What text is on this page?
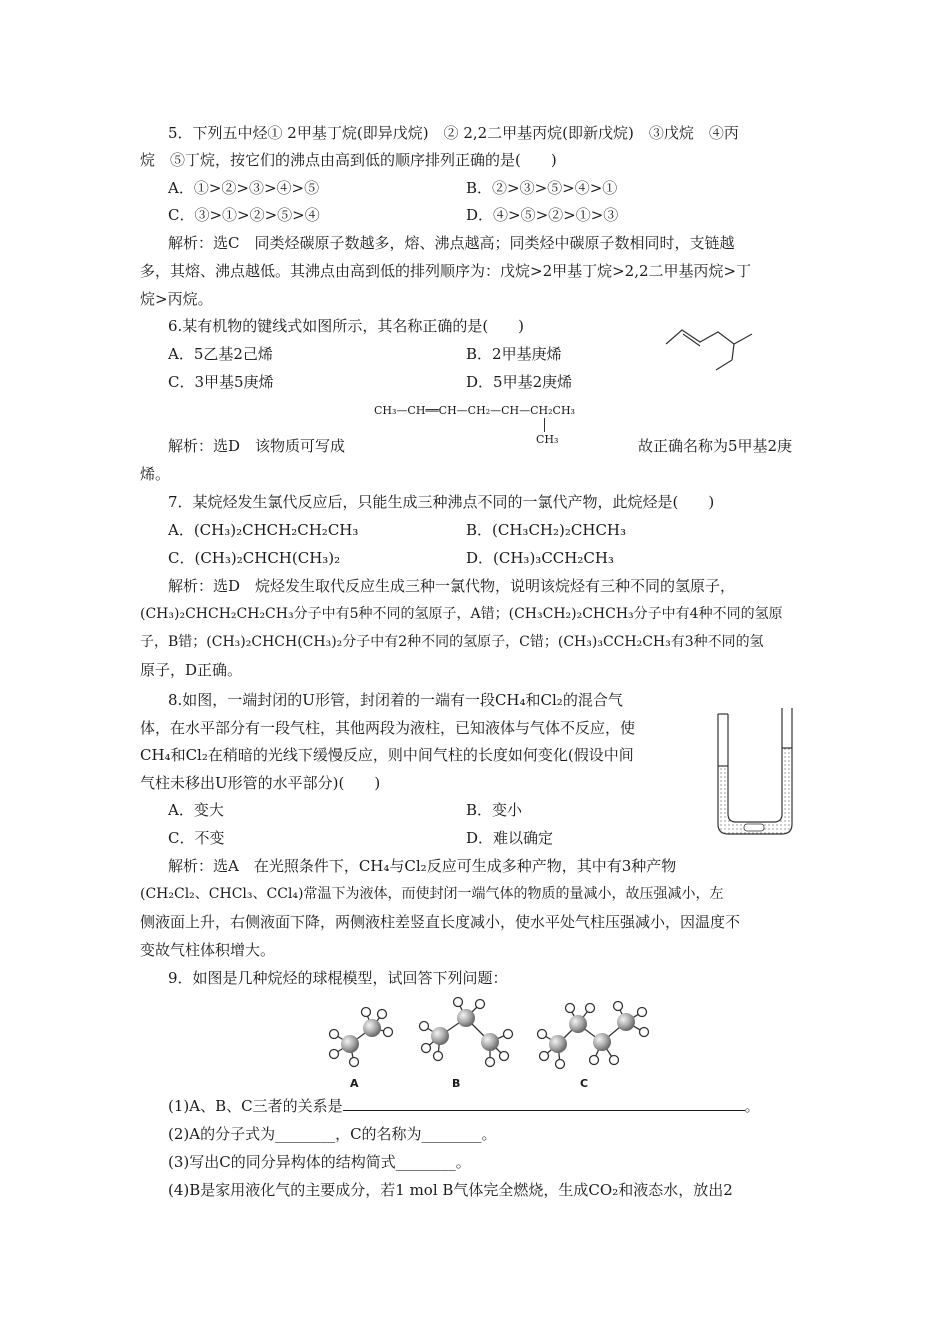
5．下列五中烃① 2甲基丁烷(即异戊烷)　② 2,2二甲基丙烷(即新戊烷)　③戊烷　④丙
烷　⑤丁烷，按它们的沸点由高到低的顺序排列正确的是(　　)
A．①>②>③>④>⑤	B．②>③>⑤>④>①
C．③>①>②>⑤>④	D．④>⑤>②>①>③
解析：选C　同类烃碳原子数越多，熔、沸点越高；同类烃中碳原子数相同时，支链越
多，其熔、沸点越低。其沸点由高到低的排列顺序为：戊烷>2甲基丁烷>2,2二甲基丙烷>丁
烷>丙烷。
6.某有机物的键线式如图所示，其名称正确的是(　　)
A．5乙基2己烯	B．2甲基庚烯
C．3甲基5庚烯	D．5甲基2庚烯
CH₃—CH══CH—CH₂—CH—CH₂CH₃
CH₃
解析：选D　该物质可写成	故正确名称为5甲基2庚
烯。
7．某烷烃发生氯代反应后，只能生成三种沸点不同的一氯代产物，此烷烃是(　　)
A．(CH₃)₂CHCH₂CH₂CH₃	B．(CH₃CH₂)₂CHCH₃
C．(CH₃)₂CHCH(CH₃)₂	D．(CH₃)₃CCH₂CH₃
解析：选D　烷烃发生取代反应生成三种一氯代物，说明该烷烃有三种不同的氢原子，
(CH₃)₂CHCH₂CH₂CH₃分子中有5种不同的氢原子，A错；(CH₃CH₂)₂CHCH₃分子中有4种不同的氢原
子，B错；(CH₃)₂CHCH(CH₃)₂分子中有2种不同的氢原子，C错；(CH₃)₃CCH₂CH₃有3种不同的氢
原子，D正确。
8.如图，一端封闭的U形管，封闭着的一端有一段CH₄和Cl₂的混合气
体，在水平部分有一段气柱，其他两段为液柱，已知液体与气体不反应，使
CH₄和Cl₂在稍暗的光线下缓慢反应，则中间气柱的长度如何变化(假设中间
气柱未移出U形管的水平部分)(　　)
A．变大	B．变小
C．不变	D．难以确定
解析：选A　在光照条件下，CH₄与Cl₂反应可生成多种产物，其中有3种产物
(CH₂Cl₂、CHCl₃、CCl₄)常温下为液体，而使封闭一端气体的物质的量减小，故压强减小，左
侧液面上升，右侧液面下降，两侧液柱差竖直长度减小，使水平处气柱压强减小，因温度不
变故气柱体积增大。
9．如图是几种烷烃的球棍模型，试回答下列问题：
A	B	C
(1)A、B、C三者的关系是	。
(2)A的分子式为________，C的名称为________。
(3)写出C的同分异构体的结构简式________。
(4)B是家用液化气的主要成分，若1 mol B气体完全燃烧，生成CO₂和液态水，放出2
